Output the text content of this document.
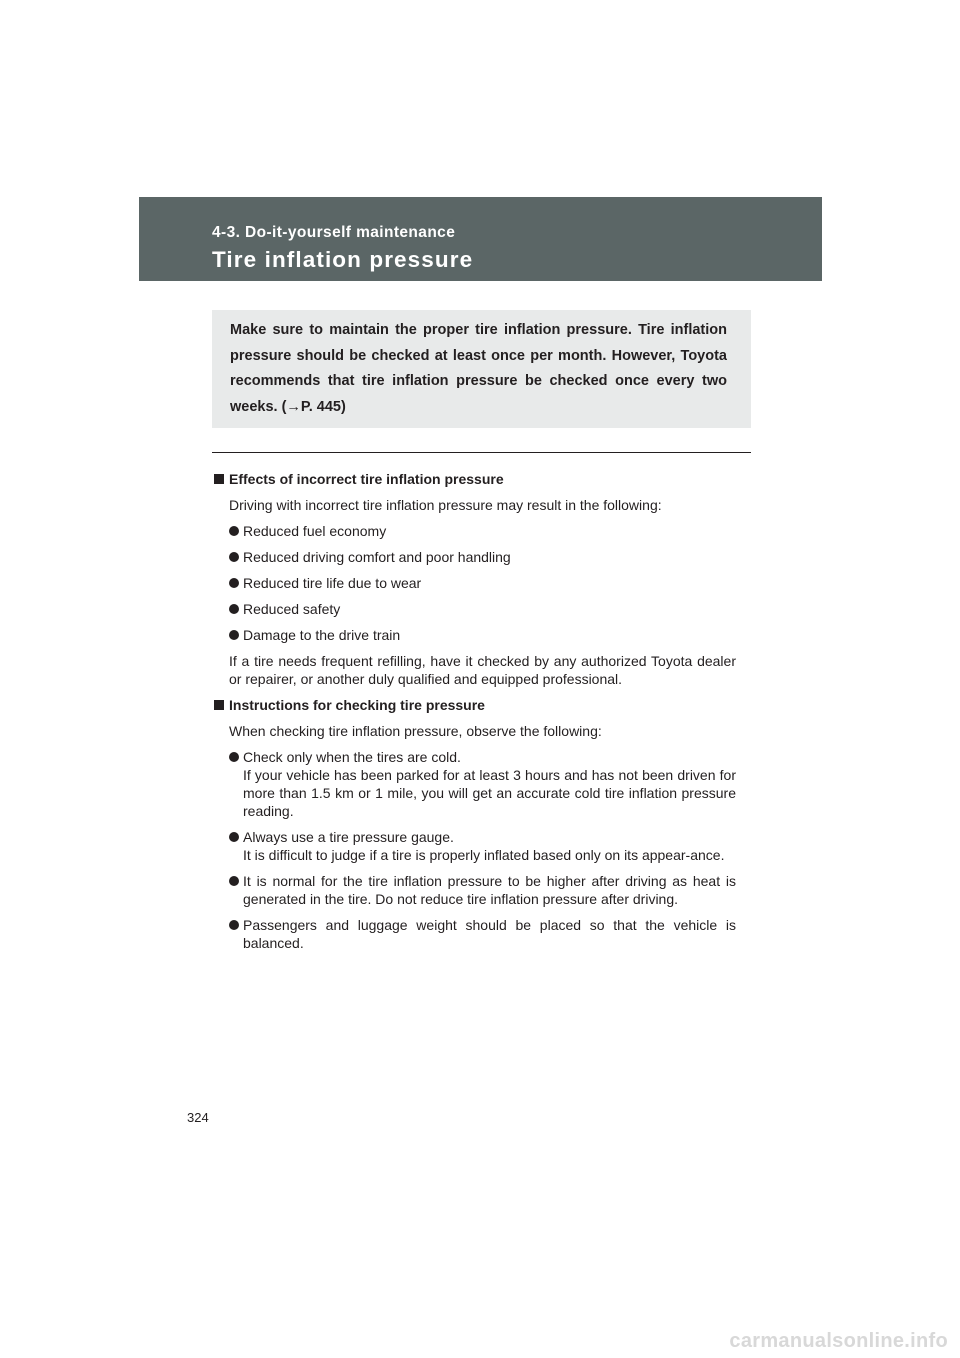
4-3. Do-it-yourself maintenance
Tire inflation pressure
Make sure to maintain the proper tire inflation pressure. Tire inflation pressure should be checked at least once per month. However, Toyota recommends that tire inflation pressure be checked once every two weeks. (→P. 445)
Effects of incorrect tire inflation pressure
Driving with incorrect tire inflation pressure may result in the following:
Reduced fuel economy
Reduced driving comfort and poor handling
Reduced tire life due to wear
Reduced safety
Damage to the drive train
If a tire needs frequent refilling, have it checked by any authorized Toyota dealer or repairer, or another duly qualified and equipped professional.
Instructions for checking tire pressure
When checking tire inflation pressure, observe the following:
Check only when the tires are cold.
If your vehicle has been parked for at least 3 hours and has not been driven for more than 1.5 km or 1 mile, you will get an accurate cold tire inflation pressure reading.
Always use a tire pressure gauge.
It is difficult to judge if a tire is properly inflated based only on its appear-ance.
It is normal for the tire inflation pressure to be higher after driving as heat is generated in the tire. Do not reduce tire inflation pressure after driving.
Passengers and luggage weight should be placed so that the vehicle is balanced.
324
carmanualsonline.info
